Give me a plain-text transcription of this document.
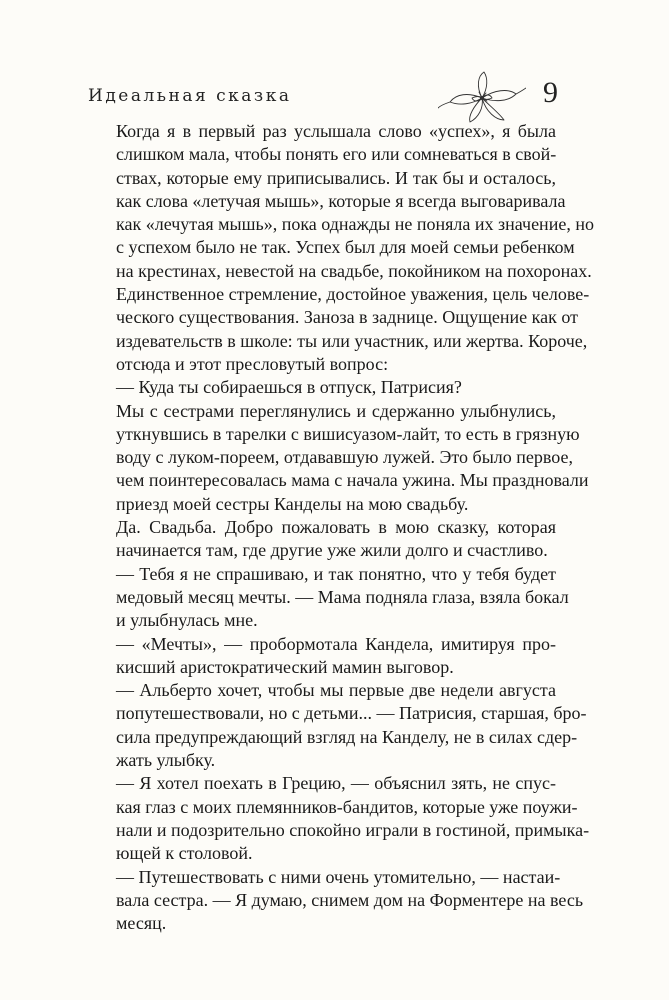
Идеальная сказка	9
Когда я в первый раз услышала слово «успех», я была
слишком мала, чтобы понять его или сомневаться в свой-
ствах, которые ему приписывались. И так бы и осталось,
как слова «летучая мышь», которые я всегда выговаривала
как «лечутая мышь», пока однажды не поняла их значение, но
с успехом было не так. Успех был для моей семьи ребенком
на крестинах, невестой на свадьбе, покойником на похоронах.
Единственное стремление, достойное уважения, цель челове-
ческого существования. Заноза в заднице. Ощущение как от
издевательств в школе: ты или участник, или жертва. Короче,
отсюда и этот пресловутый вопрос:
— Куда ты собираешься в отпуск, Патрисия?
Мы с сестрами переглянулись и сдержанно улыбнулись,
уткнувшись в тарелки с вишисуазом-лайт, то есть в грязную
воду с луком-пореем, отдававшую лужей. Это было первое,
чем поинтересовалась мама с начала ужина. Мы праздновали
приезд моей сестры Канделы на мою свадьбу.
Да. Свадьба. Добро пожаловать в мою сказку, которая
начинается там, где другие уже жили долго и счастливо.
— Тебя я не спрашиваю, и так понятно, что у тебя будет
медовый месяц мечты. — Мама подняла глаза, взяла бокал
и улыбнулась мне.
— «Мечты», — пробормотала Кандела, имитируя про-
кисший аристократический мамин выговор.
— Альберто хочет, чтобы мы первые две недели августа
попутешествовали, но с детьми... — Патрисия, старшая, бро-
сила предупреждающий взгляд на Канделу, не в силах сдер-
жать улыбку.
— Я хотел поехать в Грецию, — объяснил зять, не спус-
кая глаз с моих племянников-бандитов, которые уже поужи-
нали и подозрительно спокойно играли в гостиной, примыка-
ющей к столовой.
— Путешествовать с ними очень утомительно, — настаи-
вала сестра. — Я думаю, снимем дом на Форментере на весь
месяц.
